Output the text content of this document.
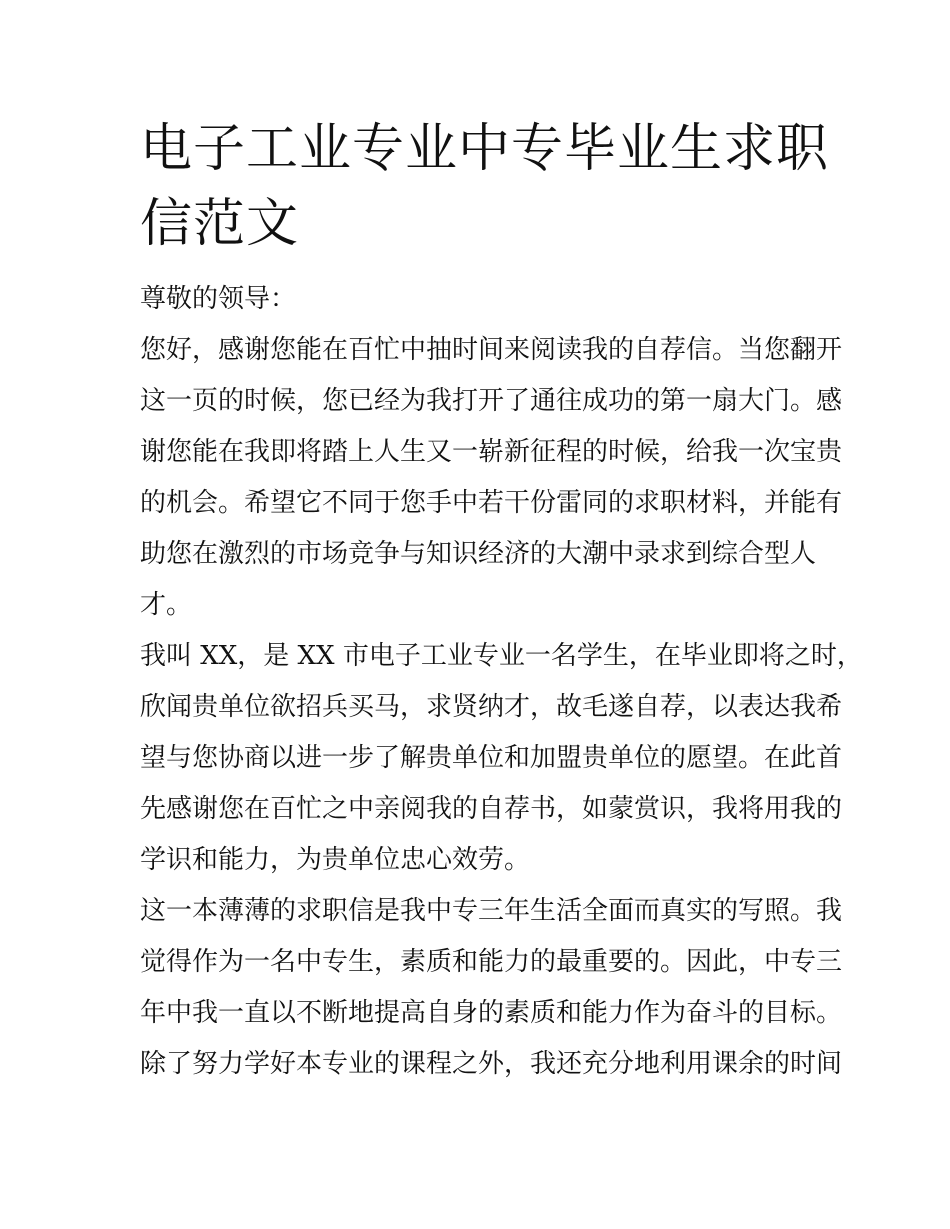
电子工业专业中专毕业生求职
信范文
尊敬的领导：
您好，感谢您能在百忙中抽时间来阅读我的自荐信。当您翻开
这一页的时候，您已经为我打开了通往成功的第一扇大门。感
谢您能在我即将踏上人生又一崭新征程的时候，给我一次宝贵
的机会。希望它不同于您手中若干份雷同的求职材料，并能有
助您在激烈的市场竞争与知识经济的大潮中录求到综合型人
才。
我叫 XX，是 XX 市电子工业专业一名学生，在毕业即将之时，
欣闻贵单位欲招兵买马，求贤纳才，故毛遂自荐，以表达我希
望与您协商以进一步了解贵单位和加盟贵单位的愿望。在此首
先感谢您在百忙之中亲阅我的自荐书，如蒙赏识，我将用我的
学识和能力，为贵单位忠心效劳。
这一本薄薄的求职信是我中专三年生活全面而真实的写照。我
觉得作为一名中专生，素质和能力的最重要的。因此，中专三
年中我一直以不断地提高自身的素质和能力作为奋斗的目标。
除了努力学好本专业的课程之外，我还充分地利用课余的时间
